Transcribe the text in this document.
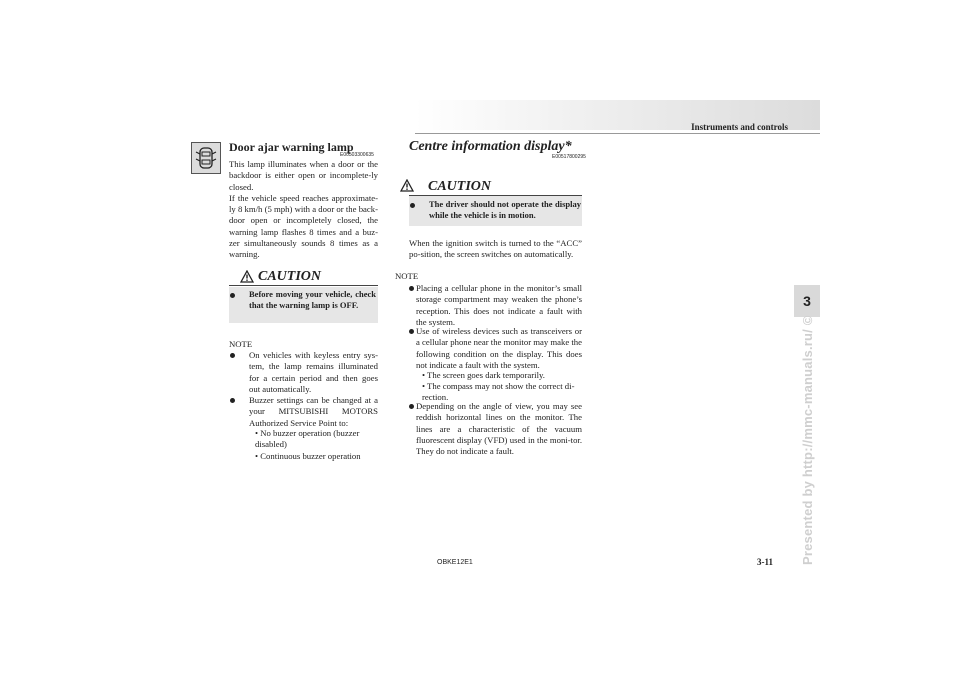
Instruments and controls
3
Presented by http://mmc-manuals.ru/ ©
Door ajar warning lamp
E00503300635

This lamp illuminates when a door or the backdoor is either open or incomplete-ly closed.

If the vehicle speed reaches approximate-ly 8 km/h (5 mph) with a door or the back-door open or incompletely closed, the warning lamp flashes 8 times and a buz-zer simultaneously sounds 8 times as a warning.

CAUTION
Before moving your vehicle, check that the warning lamp is OFF.
NOTE
On vehicles with keyless entry sys-tem, the lamp remains illuminated for a certain period and then goes out automatically.
Buzzer settings can be changed at a your MITSUBISHI MOTORS Authorized Service Point to:
• No buzzer operation (buzzer disabled)
• Continuous buzzer operation
Centre information display*
E00517800295
CAUTION
The driver should not operate the display while the vehicle is in motion.
When the ignition switch is turned to the “ACC” po-sition, the screen switches on automatically.
NOTE
Placing a cellular phone in the monitor’s small storage compartment may weaken the phone’s reception. This does not indicate a fault with the system.
Use of wireless devices such as transceivers or a cellular phone near the monitor may make the following condition on the display. This does not indicate a fault with the system.
• The screen goes dark temporarily.
• The compass may not show the correct di-rection.
Depending on the angle of view, you may see reddish horizontal lines on the monitor. The lines are a characteristic of the vacuum fluorescent display (VFD) used in the moni-tor. They do not indicate a fault.
OBKE12E1	3-11
